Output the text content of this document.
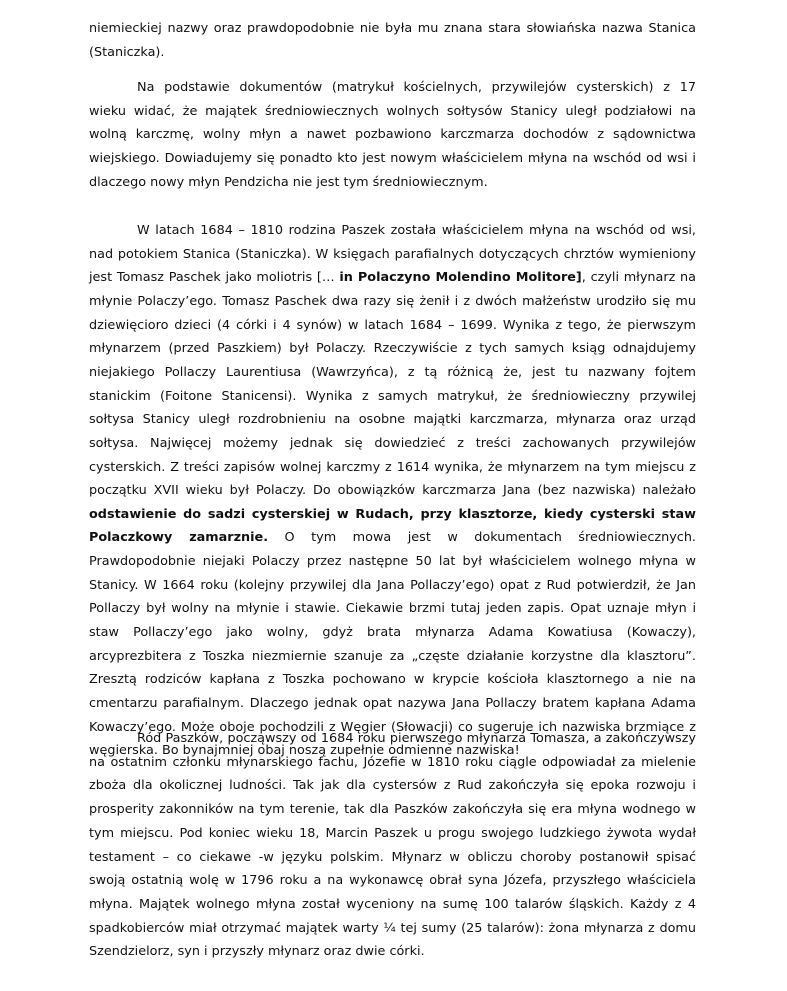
niemieckiej nazwy oraz prawdopodobnie nie była mu znana stara słowiańska nazwa Stanica
(Staniczka).
Na podstawie dokumentów (matrykuł kościelnych, przywilejów cysterskich) z 17
wieku widać, że majątek średniowiecznych wolnych sołtysów Stanicy uległ podziałowi na
wolną karczmę, wolny młyn a nawet pozbawiono karczmarza dochodów z sądownictwa
wiejskiego. Dowiadujemy się ponadto kto jest nowym właścicielem młyna na wschód od wsi i
dlaczego nowy młyn Pendzicha nie jest tym średniowiecznym.
W latach 1684 – 1810 rodzina Paszek została właścicielem młyna na wschód od wsi,
nad potokiem Stanica (Staniczka). W księgach parafialnych dotyczących chrztów wymieniony
jest Tomasz Paschek jako moliotris [… in Polaczyno Molendino Molitore], czyli młynarz na
młynie Polaczy’ego. Tomasz Paschek dwa razy się żenił i z dwóch małżeństw urodziło się mu
dziewięcioro dzieci (4 córki i 4 synów) w latach 1684 – 1699. Wynika z tego, że pierwszym
młynarzem (przed Paszkiem) był Polaczy. Rzeczywiście z tych samych ksiąg odnajdujemy
niejakiego Pollaczy Laurentiusa (Wawrzyńca), z tą różnicą że, jest tu nazwany fojtem
stanickim (Foitone Stanicensi). Wynika z samych matrykuł, że średniowieczny przywilej
sołtysa Stanicy uległ rozdrobnieniu na osobne majątki karczmarza, młynarza oraz urząd
sołtysa. Najwięcej możemy jednak się dowiedzieć z treści zachowanych przywilejów
cysterskich. Z treści zapisów wolnej karczmy z 1614 wynika, że młynarzem na tym miejscu z
początku XVII wieku był Polaczy. Do obowiązków karczmarza Jana (bez nazwiska) należało
odstawienie do sadzi cysterskiej w Rudach, przy klasztorze, kiedy cysterski staw
Polaczkowy zamarznie. O tym mowa jest w dokumentach średniowiecznych.
Prawdopodobnie niejaki Polaczy przez następne 50 lat był właścicielem wolnego młyna w
Stanicy. W 1664 roku (kolejny przywilej dla Jana Pollaczy’ego) opat z Rud potwierdził, że Jan
Pollaczy był wolny na młynie i stawie. Ciekawie brzmi tutaj jeden zapis. Opat uznaje młyn i
staw Pollaczy’ego jako wolny, gdyż brata młynarza Adama Kowatiusa (Kowaczy),
arcyprezbitera z Toszka niezmiernie szanuje za „częste działanie korzystne dla klasztoru”.
Zresztą rodziców kapłana z Toszka pochowano w krypcie kościoła klasztornego a nie na
cmentarzu parafialnym. Dlaczego jednak opat nazywa Jana Pollaczy bratem kapłana Adama
Kowaczy’ego. Może oboje pochodzili z Węgier (Słowacji) co sugeruje ich nazwiska brzmiące z
węgierska. Bo bynajmniej obaj noszą zupełnie odmienne nazwiska!
Ród Paszków, począwszy od 1684 roku pierwszego młynarza Tomasza, a zakończywszy
na ostatnim członku młynarskiego fachu, Józefie w 1810 roku ciągle odpowiadał za mielenie
zboża dla okolicznej ludności. Tak jak dla cystersów z Rud zakończyła się epoka rozwoju i
prosperity zakonników na tym terenie, tak dla Paszków zakończyła się era młyna wodnego w
tym miejscu. Pod koniec wieku 18, Marcin Paszek u progu swojego ludzkiego żywota wydał
testament – co ciekawe -w języku polskim. Młynarz w obliczu choroby postanowił spisać
swoją ostatnią wolę w 1796 roku a na wykonawcę obrał syna Józefa, przyszłego właściciela
młyna. Majątek wolnego młyna został wyceniony na sumę 100 talarów śląskich. Każdy z 4
spadkobierców miał otrzymać majątek warty ¼ tej sumy (25 talarów): żona młynarza z domu
Szendzielorz, syn i przyszły młynarz oraz dwie córki.
